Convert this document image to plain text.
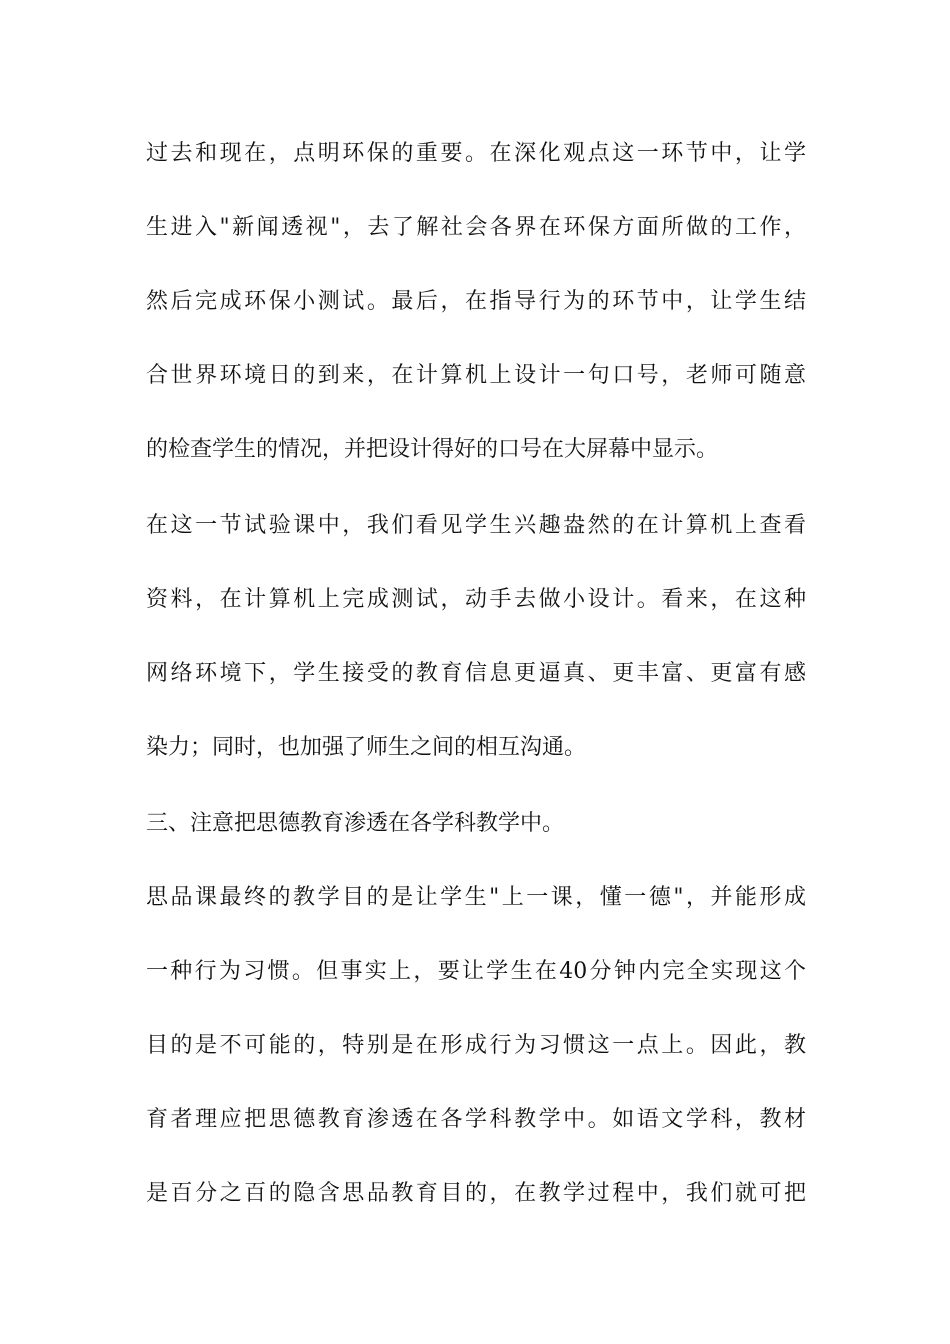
过去和现在，点明环保的重要。在深化观点这一环节中，让学
生进入"新闻透视"，去了解社会各界在环保方面所做的工作，
然后完成环保小测试。最后，在指导行为的环节中，让学生结
合世界环境日的到来，在计算机上设计一句口号，老师可随意
的检查学生的情况，并把设计得好的口号在大屏幕中显示。
在这一节试验课中，我们看见学生兴趣盎然的在计算机上查看
资料，在计算机上完成测试，动手去做小设计。看来，在这种
网络环境下，学生接受的教育信息更逼真、更丰富、更富有感
染力；同时，也加强了师生之间的相互沟通。
三、注意把思德教育渗透在各学科教学中。
思品课最终的教学目的是让学生"上一课，懂一德"，并能形成
一种行为习惯。但事实上，要让学生在40分钟内完全实现这个
目的是不可能的，特别是在形成行为习惯这一点上。因此，教
育者理应把思德教育渗透在各学科教学中。如语文学科，教材
是百分之百的隐含思品教育目的，在教学过程中，我们就可把
